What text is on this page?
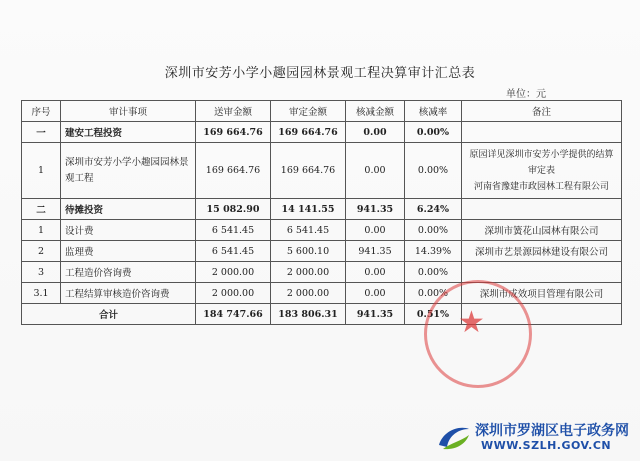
深圳市安芳小学小趣园园林景观工程决算审计汇总表
单位：元
序号	审计事项	送审金额	审定金额	核减金额	核减率	备注
一	建安工程投资	169 664.76	169 664.76	0.00	0.00%	
1	深圳市安芳小学小趣园园林景观工程	169 664.76	169 664.76	0.00	0.00%	原园详见深圳市安芳小学提供的结算审定表
河南省豫建市政园林工程有限公司

二	待摊投资	15 082.90	14 141.55	941.35	6.24%	
1	设计费	6 541.45	6 541.45	0.00	0.00%	深圳市簧花山园林有限公司
2	监理费	6 541.45	5 600.10	941.35	14.39%	深圳市艺景源园林建设有限公司
3	工程造价咨询费	2 000.00	2 000.00	0.00	0.00%	
3.1	工程结算审核造价咨询费	2 000.00	2 000.00	0.00	0.00%	深圳市成效项目管理有限公司
合计		184 747.66	183 806.31	941.35	0.51%	★
深圳市罗湖区电子政务网
WWW.SZLH.GOV.CN
